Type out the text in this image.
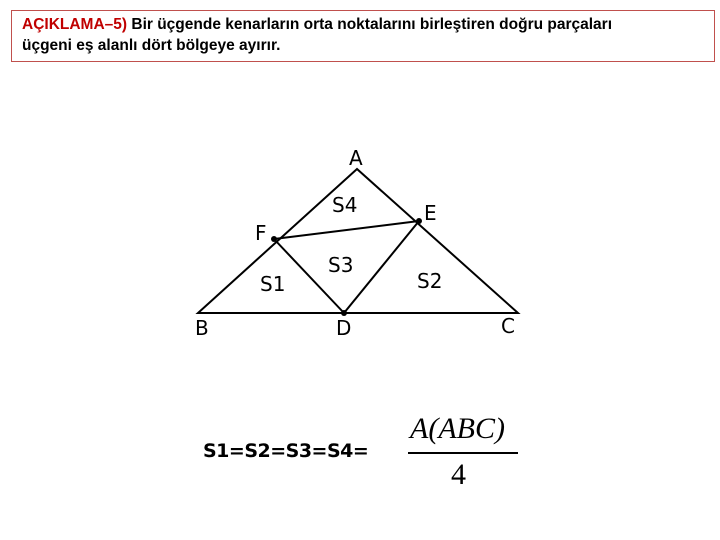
AÇIKLAMA–5) Bir üçgende kenarların orta noktalarını birleştiren doğru parçaları
üçgeni eş alanlı dört bölgeye ayırır.
A
E
F
B	D	C
S4
S3
S1	S2
S1=S2=S3=S4=
A(ABC)
4
